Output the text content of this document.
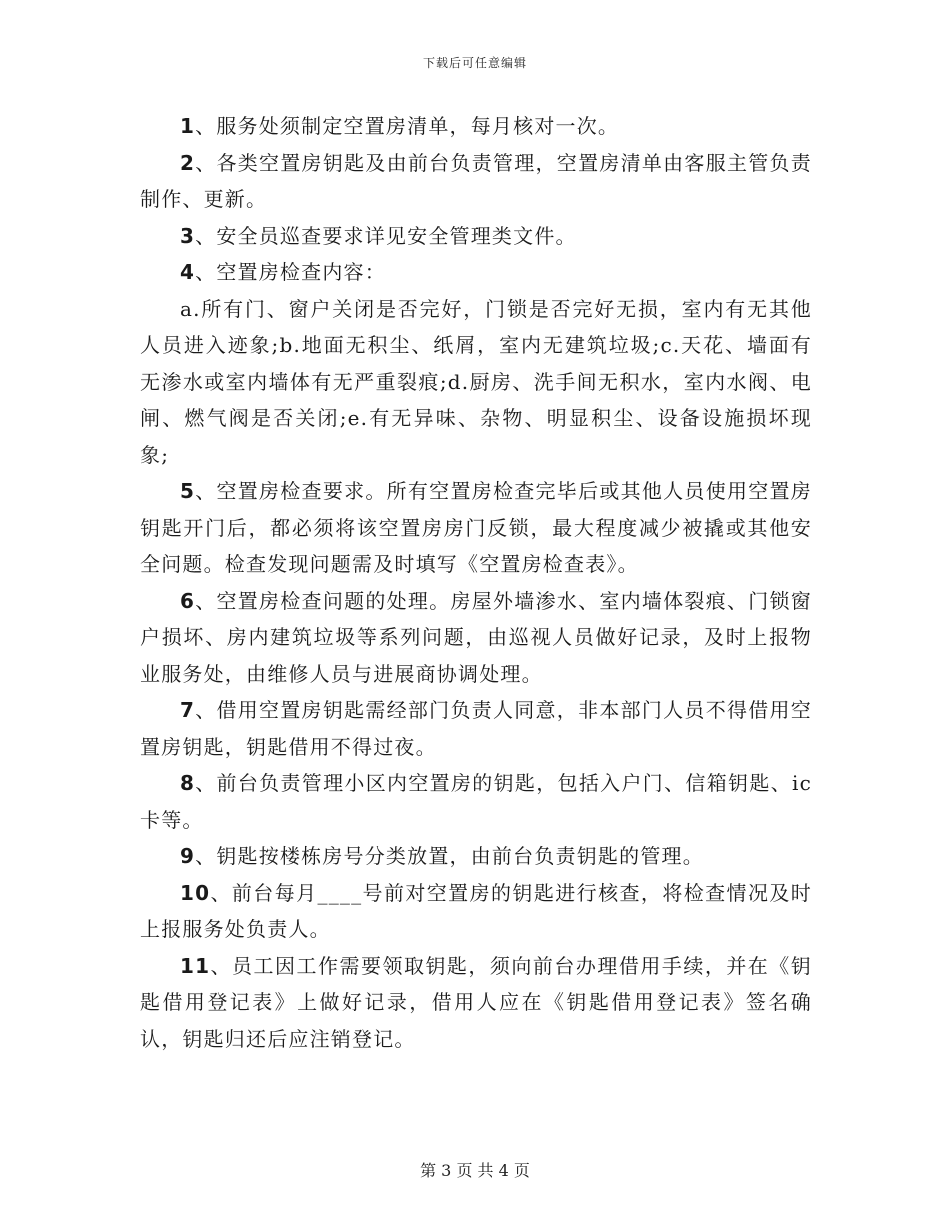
下载后可任意编辑

1、服务处须制定空置房清单，每月核对一次。

2、各类空置房钥匙及由前台负责管理，空置房清单由客服主管负责制作、更新。

3、安全员巡查要求详见安全管理类文件。

4、空置房检查内容：

a.所有门、窗户关闭是否完好，门锁是否完好无损，室内有无其他人员进入迹象;b.地面无积尘、纸屑，室内无建筑垃圾;c.天花、墙面有无渗水或室内墙体有无严重裂痕;d.厨房、洗手间无积水，室内水阀、电闸、燃气阀是否关闭;e.有无异味、杂物、明显积尘、设备设施损坏现象;

5、空置房检查要求。所有空置房检查完毕后或其他人员使用空置房钥匙开门后，都必须将该空置房房门反锁，最大程度减少被撬或其他安全问题。检查发现问题需及时填写《空置房检查表》。

6、空置房检查问题的处理。房屋外墙渗水、室内墙体裂痕、门锁窗户损坏、房内建筑垃圾等系列问题，由巡视人员做好记录，及时上报物业服务处，由维修人员与进展商协调处理。

7、借用空置房钥匙需经部门负责人同意，非本部门人员不得借用空置房钥匙，钥匙借用不得过夜。

8、前台负责管理小区内空置房的钥匙，包括入户门、信箱钥匙、ic卡等。

9、钥匙按楼栋房号分类放置，由前台负责钥匙的管理。

10、前台每月____号前对空置房的钥匙进行核查，将检查情况及时上报服务处负责人。

11、员工因工作需要领取钥匙，须向前台办理借用手续，并在《钥匙借用登记表》上做好记录，借用人应在《钥匙借用登记表》签名确认，钥匙归还后应注销登记。

第 3 页 共 4 页
